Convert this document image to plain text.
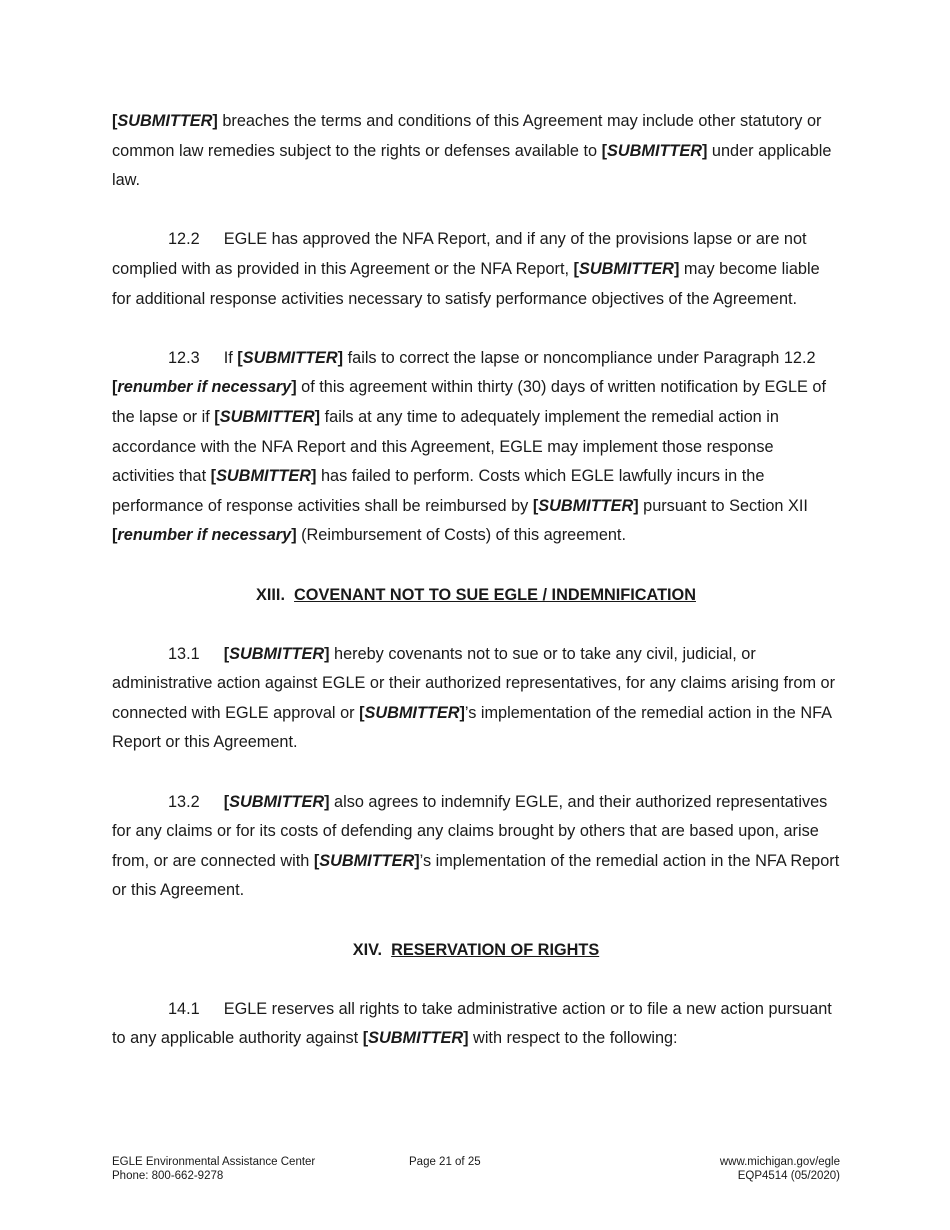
[SUBMITTER] breaches the terms and conditions of this Agreement may include other statutory or common law remedies subject to the rights or defenses available to [SUBMITTER] under applicable law.

12.2 EGLE has approved the NFA Report, and if any of the provisions lapse or are not complied with as provided in this Agreement or the NFA Report, [SUBMITTER] may become liable for additional response activities necessary to satisfy performance objectives of the Agreement.

12.3 If [SUBMITTER] fails to correct the lapse or noncompliance under Paragraph 12.2 [renumber if necessary] of this agreement within thirty (30) days of written notification by EGLE of the lapse or if [SUBMITTER] fails at any time to adequately implement the remedial action in accordance with the NFA Report and this Agreement, EGLE may implement those response activities that [SUBMITTER] has failed to perform. Costs which EGLE lawfully incurs in the performance of response activities shall be reimbursed by [SUBMITTER] pursuant to Section XII [renumber if necessary] (Reimbursement of Costs) of this agreement.

XIII. COVENANT NOT TO SUE EGLE / INDEMNIFICATION

13.1 [SUBMITTER] hereby covenants not to sue or to take any civil, judicial, or administrative action against EGLE or their authorized representatives, for any claims arising from or connected with EGLE approval or [SUBMITTER]’s implementation of the remedial action in the NFA Report or this Agreement.

13.2 [SUBMITTER] also agrees to indemnify EGLE, and their authorized representatives for any claims or for its costs of defending any claims brought by others that are based upon, arise from, or are connected with [SUBMITTER]’s implementation of the remedial action in the NFA Report or this Agreement.

XIV. RESERVATION OF RIGHTS

14.1 EGLE reserves all rights to take administrative action or to file a new action pursuant to any applicable authority against [SUBMITTER] with respect to the following:

EGLE Environmental Assistance Center
Phone: 800-662-9278
Page 21 of 25	www.michigan.gov/egle
EQP4514 (05/2020)
